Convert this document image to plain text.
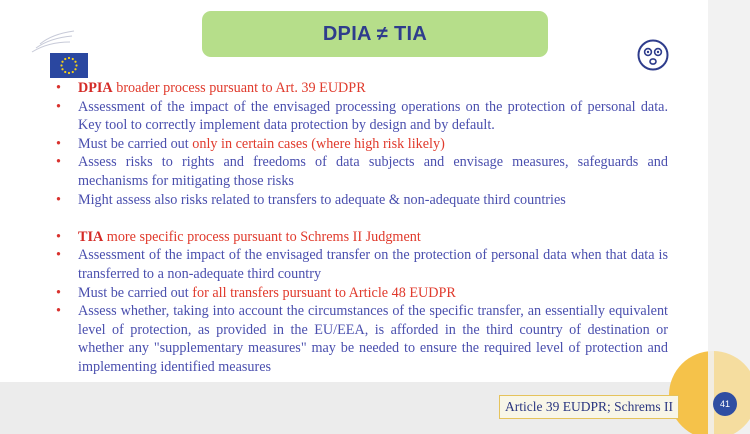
DPIA ≠ TIA
• DPIA broader process pursuant to Art. 39 EUDPR
• Assessment of the impact of the envisaged processing operations on the protection of personal data. Key tool to correctly implement data protection by design and by default.
• Must be carried out only in certain cases (where high risk likely)
• Assess risks to rights and freedoms of data subjects and envisage measures, safeguards and mechanisms for mitigating those risks
• Might assess also risks related to transfers to adequate & non-adequate third countries
• TIA more specific process pursuant to Schrems II Judgment
• Assessment of the impact of the envisaged transfer on the protection of personal data when that data is transferred to a non-adequate third country
• Must be carried out for all transfers pursuant to Article 48 EUDPR
• Assess whether, taking into account the circumstances of the specific transfer, an essentially equivalent level of protection, as provided in the EU/EEA, is afforded in the third country of destination or whether any "supplementary measures" may be needed to ensure the required level of protection and implementing identified measures
Article 39 EUDPR; Schrems II	41
